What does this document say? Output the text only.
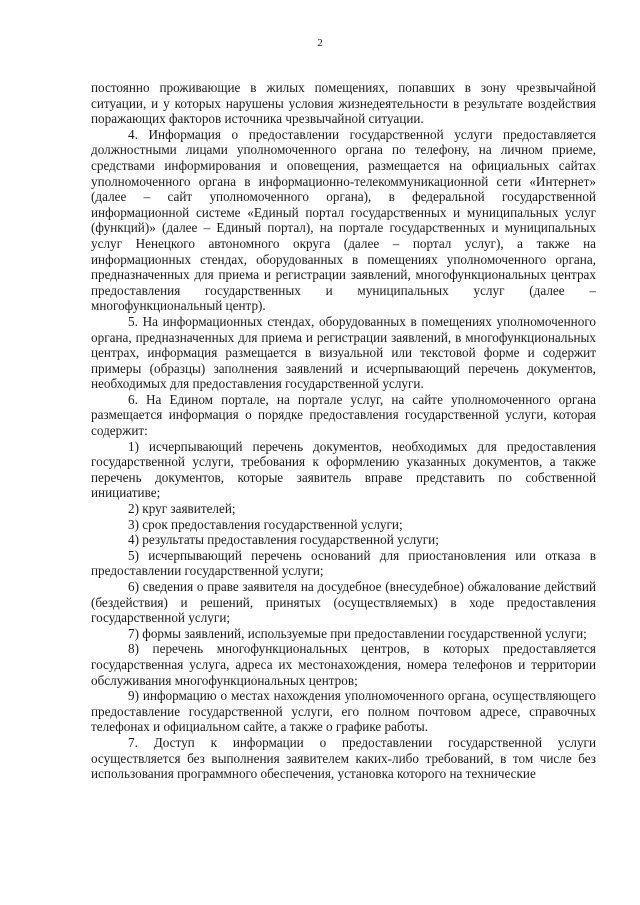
2

постоянно проживающие в жилых помещениях, попавших в зону чрезвычайной ситуации, и у которых нарушены условия жизнедеятельности в результате воздействия поражающих факторов источника чрезвычайной ситуации.

4. Информация о предоставлении государственной услуги предоставляется должностными лицами уполномоченного органа по телефону, на личном приеме, средствами информирования и оповещения, размещается на официальных сайтах уполномоченного органа в информационно-телекоммуникационной сети «Интернет» (далее – сайт уполномоченного органа), в федеральной государственной информационной системе «Единый портал государственных и муниципальных услуг (функций)» (далее – Единый портал), на портале государственных и муниципальных услуг Ненецкого автономного округа (далее – портал услуг), а также на информационных стендах, оборудованных в помещениях уполномоченного органа, предназначенных для приема и регистрации заявлений, многофункциональных центрах предоставления государственных и муниципальных услуг (далее – многофункциональный центр).

5. На информационных стендах, оборудованных в помещениях уполномоченного органа, предназначенных для приема и регистрации заявлений, в многофункциональных центрах, информация размещается в визуальной или текстовой форме и содержит примеры (образцы) заполнения заявлений и исчерпывающий перечень документов, необходимых для предоставления государственной услуги.

6. На Едином портале, на портале услуг, на сайте уполномоченного органа размещается информация о порядке предоставления государственной услуги, которая содержит:

1) исчерпывающий перечень документов, необходимых для предоставления государственной услуги, требования к оформлению указанных документов, а также перечень документов, которые заявитель вправе представить по собственной инициативе;

2) круг заявителей;

3) срок предоставления государственной услуги;

4) результаты предоставления государственной услуги;

5) исчерпывающий перечень оснований для приостановления или отказа в предоставлении государственной услуги;

6) сведения о праве заявителя на досудебное (внесудебное) обжалование действий (бездействия) и решений, принятых (осуществляемых) в ходе предоставления государственной услуги;

7) формы заявлений, используемые при предоставлении государственной услуги;

8) перечень многофункциональных центров, в которых предоставляется государственная услуга, адреса их местонахождения, номера телефонов и территории обслуживания многофункциональных центров;

9) информацию о местах нахождения уполномоченного органа, осуществляющего предоставление государственной услуги, его полном почтовом адресе, справочных телефонах и официальном сайте, а также о графике работы.

7. Доступ к информации о предоставлении государственной услуги осуществляется без выполнения заявителем каких-либо требований, в том числе без использования программного обеспечения, установка которого на технические
